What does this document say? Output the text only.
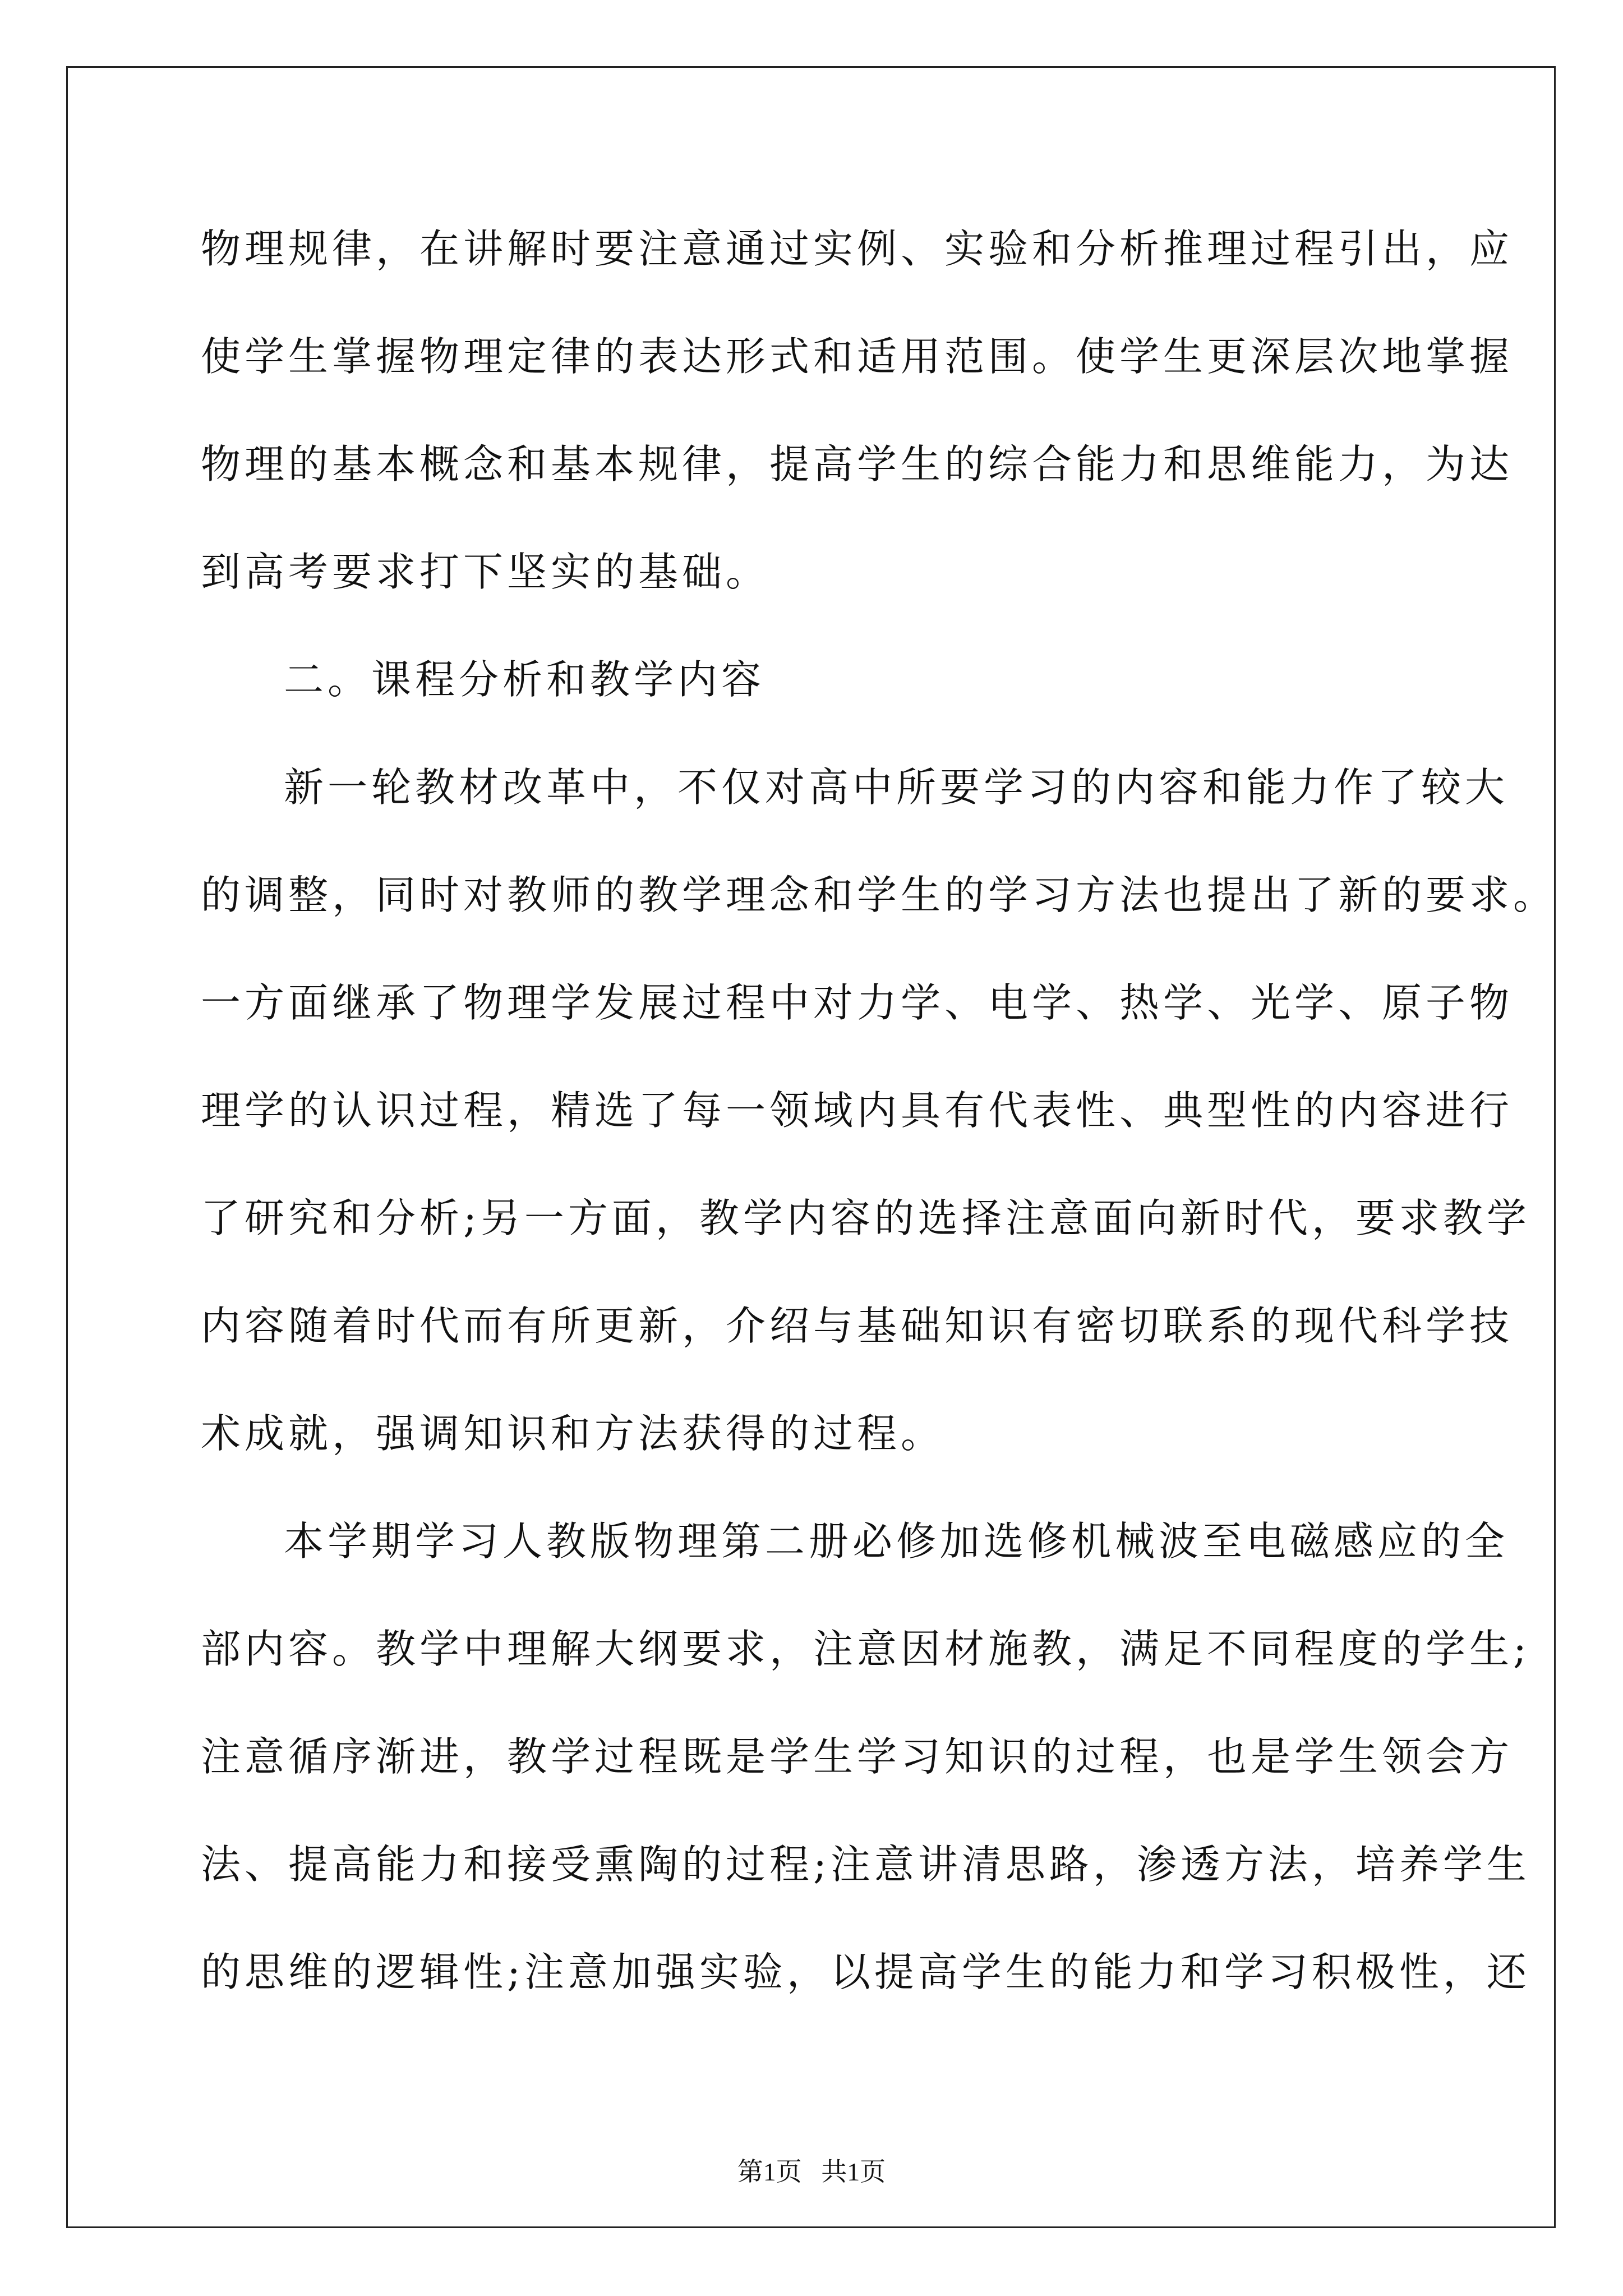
物理规律，在讲解时要注意通过实例、实验和分析推理过程引出，应

使学生掌握物理定律的表达形式和适用范围。使学生更深层次地掌握

物理的基本概念和基本规律，提高学生的综合能力和思维能力，为达

到高考要求打下坚实的基础。

二。课程分析和教学内容

新一轮教材改革中，不仅对高中所要学习的内容和能力作了较大

的调整，同时对教师的教学理念和学生的学习方法也提出了新的要求。

一方面继承了物理学发展过程中对力学、电学、热学、光学、原子物

理学的认识过程，精选了每一领域内具有代表性、典型性的内容进行

了研究和分析;另一方面，教学内容的选择注意面向新时代，要求教学

内容随着时代而有所更新，介绍与基础知识有密切联系的现代科学技

术成就，强调知识和方法获得的过程。

本学期学习人教版物理第二册必修加选修机械波至电磁感应的全

部内容。教学中理解大纲要求，注意因材施教，满足不同程度的学生;

注意循序渐进，教学过程既是学生学习知识的过程，也是学生领会方

法、提高能力和接受熏陶的过程;注意讲清思路，渗透方法，培养学生

的思维的逻辑性;注意加强实验，以提高学生的能力和学习积极性，还

第1页 共1页
